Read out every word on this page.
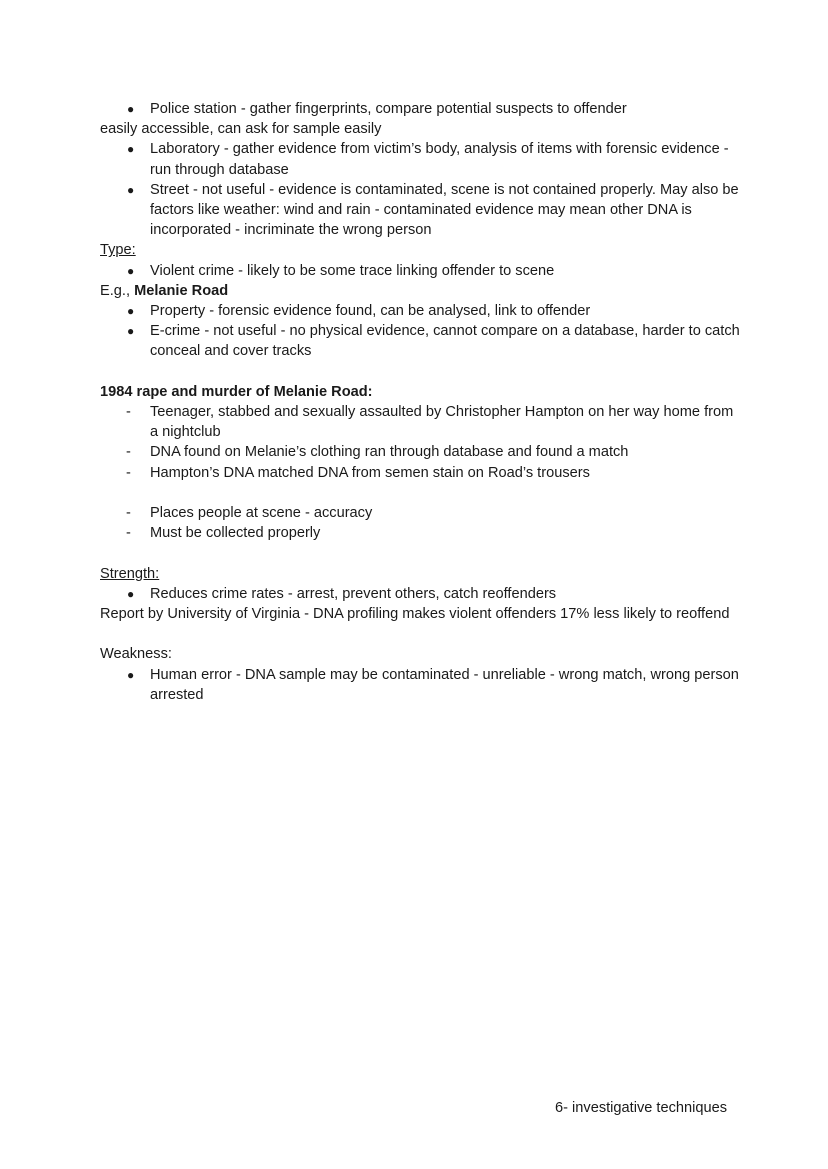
● Police station - gather fingerprints, compare potential suspects to offender

easily accessible, can ask for sample easily

● Laboratory - gather evidence from victim’s body, analysis of items with forensic evidence - run through database
● Street - not useful - evidence is contaminated, scene is not contained properly. May also be factors like weather: wind and rain - contaminated evidence may mean other DNA is incorporated - incriminate the wrong person

Type:

● Violent crime - likely to be some trace linking offender to scene

E.g., Melanie Road

● Property - forensic evidence found, can be analysed, link to offender
● E-crime - not useful - no physical evidence, cannot compare on a database, harder to catch conceal and cover tracks

1984 rape and murder of Melanie Road:

- Teenager, stabbed and sexually assaulted by Christopher Hampton on her way home from a nightclub
- DNA found on Melanie’s clothing ran through database and found a match
- Hampton’s DNA matched DNA from semen stain on Road’s trousers
- Places people at scene - accuracy
- Must be collected properly

Strength:

● Reduces crime rates - arrest, prevent others, catch reoffenders

Report by University of Virginia - DNA profiling makes violent offenders 17% less likely to reoffend

Weakness:

● Human error - DNA sample may be contaminated - unreliable - wrong match, wrong person arrested
6- investigative techniques
